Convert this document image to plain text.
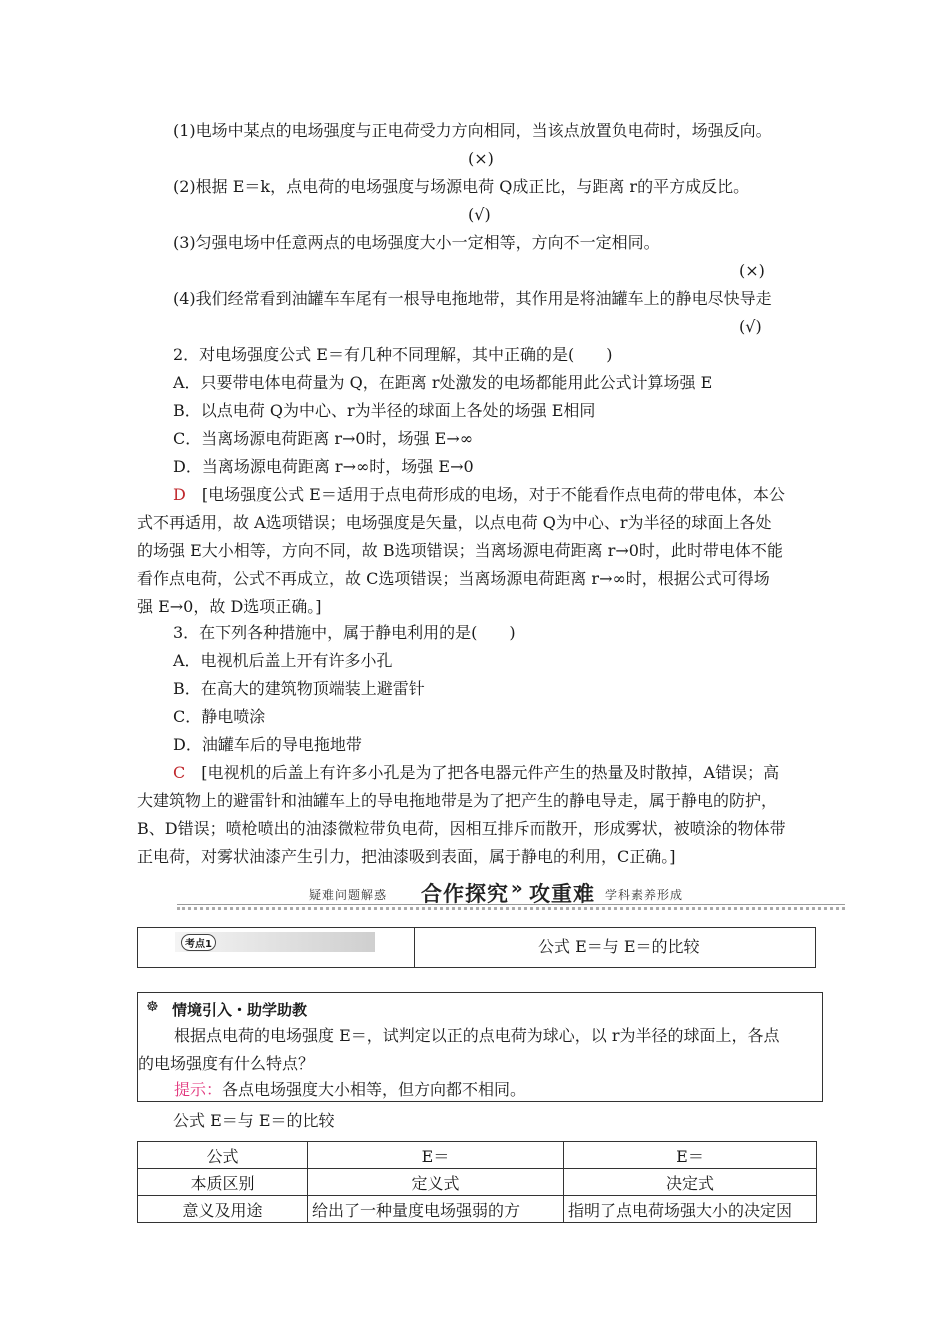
(1)电场中某点的电场强度与正电荷受力方向相同，当该点放置负电荷时，场强反向。
(×)
(2)根据 E＝k，点电荷的电场强度与场源电荷 Q成正比，与距离 r的平方成反比。
(√)
(3)匀强电场中任意两点的电场强度大小一定相等，方向不一定相同。
(×)
(4)我们经常看到油罐车车尾有一根导电拖地带，其作用是将油罐车上的静电尽快导走
(√)
2．对电场强度公式 E＝有几种不同理解，其中正确的是(　　)
A．只要带电体电荷量为 Q，在距离 r处激发的电场都能用此公式计算场强 E
B．以点电荷 Q为中心、r为半径的球面上各处的场强 E相同
C．当离场源电荷距离 r→0时，场强 E→∞
D．当离场源电荷距离 r→∞时，场强 E→0
D　 [电场强度公式 E＝适用于点电荷形成的电场，对于不能看作点电荷的带电体，本公
式不再适用，故 A选项错误；电场强度是矢量，以点电荷 Q为中心、r为半径的球面上各处
的场强 E大小相等，方向不同，故 B选项错误；当离场源电荷距离 r→0时，此时带电体不能
看作点电荷，公式不再成立，故 C选项错误；当离场源电荷距离 r→∞时，根据公式可得场
强 E→0，故 D选项正确。]
3．在下列各种措施中，属于静电利用的是(　　)
A．电视机后盖上开有许多小孔
B．在高大的建筑物顶端装上避雷针
C．静电喷涂
D．油罐车后的导电拖地带
C　 [电视机的后盖上有许多小孔是为了把各电器元件产生的热量及时散掉，A错误；高
大建筑物上的避雷针和油罐车上的导电拖地带是为了把产生的静电导走，属于静电的防护，
B、D错误；喷枪喷出的油漆微粒带负电荷，因相互排斥而散开，形成雾状，被喷涂的物体带
正电荷，对雾状油漆产生引力，把油漆吸到表面，属于静电的利用，C正确。]
疑难问题解惑 合作探究 » 攻重难 学科素养形成
考点1	公式 E＝与 E＝的比较
☸ 情境引入・助学助教
根据点电荷的电场强度 E＝，试判定以正的点电荷为球心，以 r为半径的球面上，各点
的电场强度有什么特点？
提示：各点电场强度大小相等，但方向都不相同。
公式 E＝与 E＝的比较
公式	E＝	E＝
本质区别	定义式	决定式
意义及用途	给出了一种量度电场强弱的方	指明了点电荷场强大小的决定因
